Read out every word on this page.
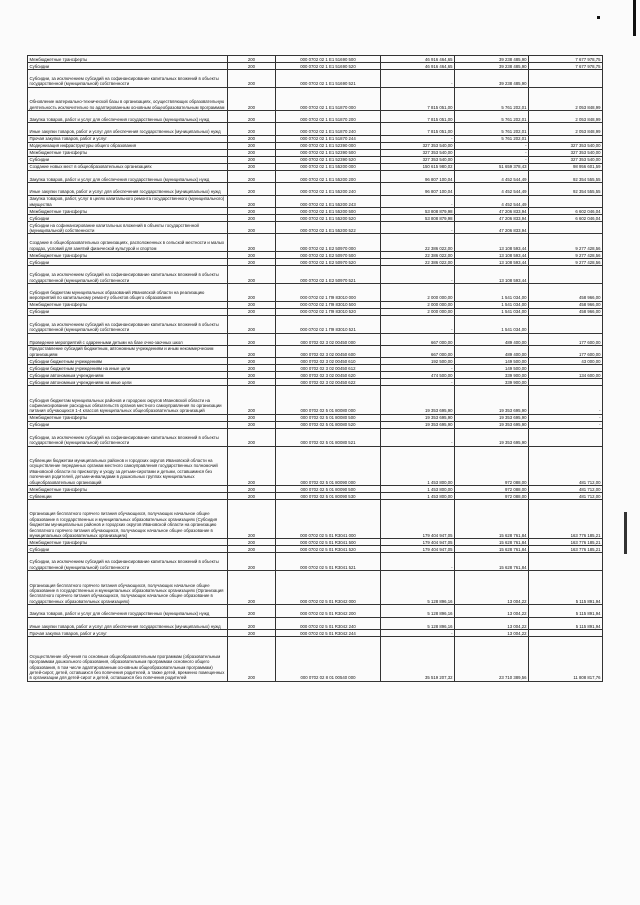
Межбюджетные трансферты	200	000 0702 02 1 Е1 51690 500	46 916 464,65	39 238 485,90	7 677 978,75
Субсидии	200	000 0702 02 1 Е1 51690 520	46 916 464,65	39 238 485,90	7 677 978,75
Субсидии, за исключением субсидий на софинансирование капитальных вложений в объекты государственной (муниципальной) собственности	200	000 0702 02 1 Е1 51690 521	-	39 238 485,90	
Обновление материально-технической базы в организациях, осуществляющих образовательную деятельность исключительно по адаптированным основным общеобразовательным программам	200	000 0702 02 1 Е1 51870 000	7 815 051,00	5 761 202,01	2 053 848,99
Закупка товаров, работ и услуг для обеспечения государственных (муниципальных) нужд	200	000 0702 02 1 Е1 51870 200	7 815 051,00	5 761 202,01	2 053 848,99
Иные закупки товаров, работ и услуг для обеспечения государственных (муниципальных) нужд	200	000 0702 02 1 Е1 51870 240	7 815 051,00	5 761 202,01	2 053 848,99
Прочая закупка товаров, работ и услуг	200	000 0702 02 1 Е1 51870 244	-	5 761 202,01	
Модернизация инфраструктуры общего образования	200	000 0702 02 1 Е1 52390 000	327 353 540,00	-	327 353 540,00
Межбюджетные трансферты	200	000 0702 02 1 Е1 52390 500	327 353 540,00	-	327 353 540,00
Субсидии	200	000 0702 02 1 Е1 52390 520	327 353 540,00	-	327 353 540,00
Создание новых мест в общеобразовательных организациях	200	000 0702 02 1 Е1 55200 000	150 615 980,02	51 659 378,43	98 956 601,59
Закупка товаров, работ и услуг для обеспечения государственных (муниципальных) нужд	200	000 0702 02 1 Е1 55200 200	96 807 100,04	4 452 544,49	92 354 555,55
Иные закупки товаров, работ и услуг для обеспечения государственных (муниципальных) нужд	200	000 0702 02 1 Е1 55200 240	96 807 100,04	4 452 544,49	92 354 555,55
Закупка товаров, работ, услуг в целях капитального ремонта государственного (муниципального) имущества	200	000 0702 02 1 Е1 55200 243	-	4 452 544,49	
Межбюджетные трансферты	200	000 0702 02 1 Е1 55200 500	53 808 879,98	47 206 833,94	6 602 046,04
Субсидии	200	000 0702 02 1 Е1 55200 520	53 808 879,98	47 206 833,94	6 602 046,04
Субсидии на софинансирование капитальных вложений в объекты государственной (муниципальной) собственности	200	000 0702 02 1 Е1 55200 522	-	47 206 833,94	
Создание в общеобразовательных организациях, расположенных в сельской местности и малых городах, условий для занятий физической культурой и спортом	200	000 0702 02 1 Е2 50970 000	22 386 022,00	13 108 593,44	9 277 428,56
Межбюджетные трансферты	200	000 0702 02 1 Е2 50970 500	22 386 022,00	13 108 593,44	9 277 428,56
Субсидии	200	000 0702 02 1 Е2 50970 520	22 386 022,00	13 108 593,44	9 277 428,56
Субсидии, за исключением субсидий на софинансирование капитальных вложений в объекты государственной (муниципальной) собственности	200	000 0702 02 1 Е2 50970 521	-	13 108 593,44	
Субсидия бюджетам муниципальных образований Ивановской области на реализацию мероприятий по капитальному ремонту объектов общего образования	200	000 0702 02 1 П9 83010 000	2 000 000,00	1 541 034,00	458 966,00
Межбюджетные трансферты	200	000 0702 02 1 П9 83010 500	2 000 000,00	1 541 034,00	458 966,00
Субсидии	200	000 0702 02 1 П9 83010 520	2 000 000,00	1 541 034,00	458 966,00
Субсидии, за исключением субсидий на софинансирование капитальных вложений в объекты государственной (муниципальной) собственности	200	000 0702 02 1 П9 83010 521	-	1 541 034,00	
Проведение мероприятий с одаренными детьми на базе очно-заочных школ	200	000 0702 02 3 02 00450 000	667 000,00	489 400,00	177 600,00
Предоставление субсидий бюджетным, автономным учреждениям и иным некоммерческим организациям	200	000 0702 02 3 02 00450 600	667 000,00	489 400,00	177 600,00
Субсидии бюджетным учреждениям	200	000 0702 02 3 02 00450 610	192 500,00	149 500,00	43 000,00
Субсидии бюджетным учреждениям на иные цели	200	000 0702 02 3 02 00450 612	-	149 500,00	
Субсидии автономным учреждениям	200	000 0702 02 3 02 00450 620	474 500,00	339 900,00	134 600,00
Субсидии автономным учреждениям на иные цели	200	000 0702 02 3 02 00450 622	-	339 900,00	
Субсидия бюджетам муниципальных районов и городских округов Ивановской области на софинансирование расходных обязательств органов местного самоуправления по организации питания обучающихся 1-4 классов муниципальных общеобразовательных организаций	200	000 0702 02 5 01 80080 000	19 353 695,90	19 353 695,90	-
Межбюджетные трансферты	200	000 0702 02 5 01 80080 500	19 353 695,90	19 353 695,90	-
Субсидии	200	000 0702 02 5 01 80080 520	19 353 695,90	19 353 695,90	-
Субсидии, за исключением субсидий на софинансирование капитальных вложений в объекты государственной (муниципальной) собственности	200	000 0702 02 5 01 80080 521	-	19 353 695,90	
Субвенции бюджетам муниципальных районов и городских округов Ивановской области на осуществление переданных органам местного самоуправления государственных полномочий Ивановской области по присмотру и уходу за детьми-сиротами и детьми, оставшимися без попечения родителей, детьми-инвалидами в дошкольных группах муниципальных общеобразовательных организаций	200	000 0702 02 5 01 80090 000	1 453 800,00	972 088,00	481 712,00
Межбюджетные трансферты	200	000 0702 02 5 01 80090 500	1 453 800,00	972 088,00	481 712,00
Субвенции	200	000 0702 02 5 01 80090 530	1 453 800,00	972 088,00	481 712,00
Организация бесплатного горячего питания обучающихся, получающих начальное общее образование в государственных и муниципальных образовательных организациях (Субсидия бюджетам муниципальных районов и городских округов Ивановской области на организацию бесплатного горячего питания обучающихся, получающих начальное общее образование в муниципальных образовательных организациях)	200	000 0702 02 5 01 R3041 000	179 404 947,05	15 628 761,84	163 776 185,21
Межбюджетные трансферты	200	000 0702 02 5 01 R3041 500	179 404 947,05	15 628 761,84	163 776 185,21
Субсидии	200	000 0702 02 5 01 R3041 520	179 404 947,05	15 628 761,84	163 776 185,21
Субсидии, за исключением субсидий на софинансирование капитальных вложений в объекты государственной (муниципальной) собственности	200	000 0702 02 5 01 R3041 521	-	15 628 761,84	
Организация бесплатного горячего питания обучающихся, получающих начальное общее образование в государственных и муниципальных образовательных организациях (Организация бесплатного горячего питания обучающихся, получающих начальное общее образование в государственных образовательных организациях)	200	000 0702 02 5 01 R3042 000	5 128 896,16	13 004,22	5 115 891,94
Закупка товаров, работ и услуг для обеспечения государственных (муниципальных) нужд	200	000 0702 02 5 01 R3042 200	5 128 896,16	13 004,22	5 115 891,94
Иные закупки товаров, работ и услуг для обеспечения государственных (муниципальных) нужд	200	000 0702 02 5 01 R3042 240	5 128 896,16	13 004,22	5 115 891,94
Прочая закупка товаров, работ и услуг	200	000 0702 02 5 01 R3042 244	-	13 004,22	
Осуществление обучения по основным общеобразовательным программам (образовательным программам дошкольного образования, образовательным программам основного общего образования, в том числе адаптированным основным общеобразовательным программам) детей-сирот, детей, оставшихся без попечения родителей, а также детей, временно помещенных в организации для детей-сирот и детей, оставшихся без попечения родителей	200	000 0702 02 8 01 00540 000	35 519 207,32	23 710 389,56	11 808 817,76
